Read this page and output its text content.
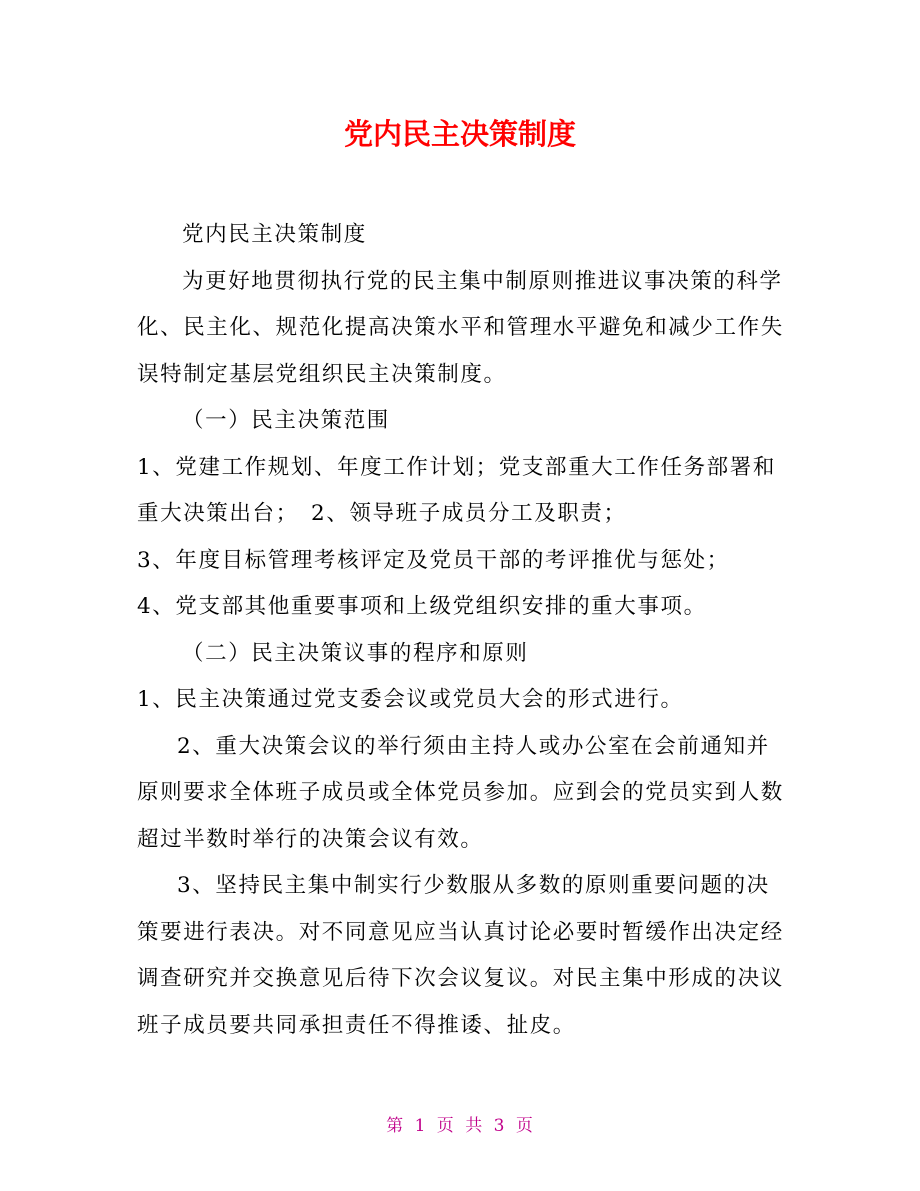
党内民主决策制度

党内民主决策制度

为更好地贯彻执行党的民主集中制原则推进议事决策的科学化、民主化、规范化提高决策水平和管理水平避免和减少工作失误特制定基层党组织民主决策制度。

（一）民主决策范围

1、党建工作规划、年度工作计划；党支部重大工作任务部署和重大决策出台；　2、领导班子成员分工及职责；

3、年度目标管理考核评定及党员干部的考评推优与惩处；

4、党支部其他重要事项和上级党组织安排的重大事项。

（二）民主决策议事的程序和原则

1、民主决策通过党支委会议或党员大会的形式进行。

2、重大决策会议的举行须由主持人或办公室在会前通知并原则要求全体班子成员或全体党员参加。应到会的党员实到人数超过半数时举行的决策会议有效。

3、坚持民主集中制实行少数服从多数的原则重要问题的决策要进行表决。对不同意见应当认真讨论必要时暂缓作出决定经调查研究并交换意见后待下次会议复议。对民主集中形成的决议班子成员要共同承担责任不得推诿、扯皮。

第 1 页 共 3 页
